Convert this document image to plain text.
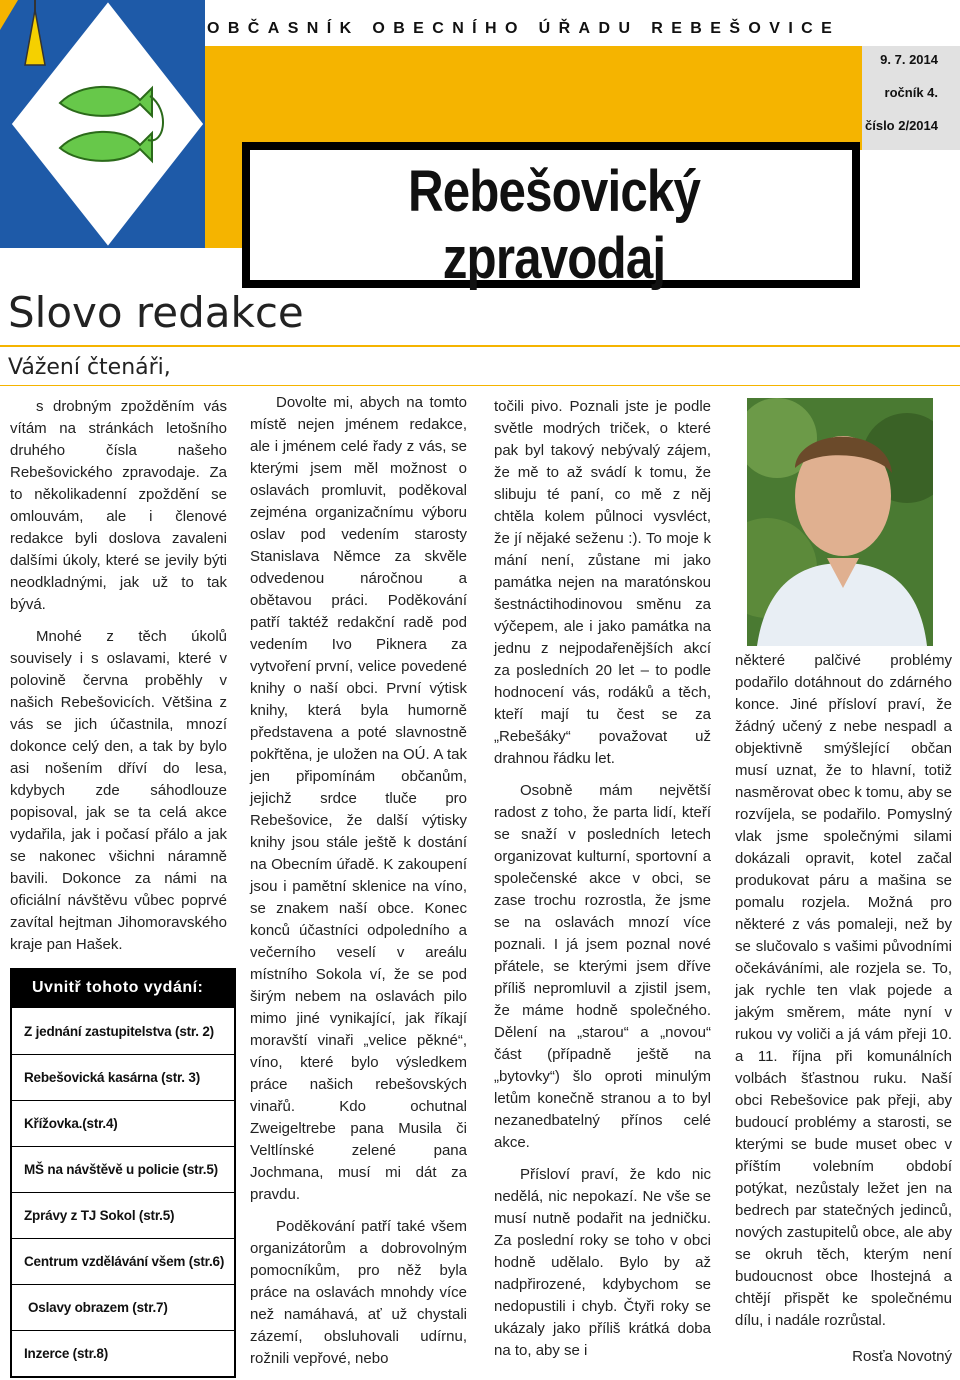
OBČASNÍK OBECNÍHO ÚŘADU REBEŠOVICE
9. 7. 2014
ročník 4.
číslo 2/2014
Rebešovický zpravodaj
Slovo redakce
Vážení čtenáři,

s drobným zpožděním vás vítám na stránkách letošního druhého čísla našeho Rebešovického zpravodaje. Za to několikadenní zpoždění se omlouvám, ale i členové redakce byli doslova zavaleni dalšími úkoly, které se jevily býti neodkladnými, jak už to tak bývá.

Mnohé z těch úkolů souvisely i s oslavami, které v polovině června proběhly v našich Rebešovicích. Většina z vás se jich účastnila, mnozí dokonce celý den, a tak by bylo asi nošením dříví do lesa, kdybych zde sáhodlouze popisoval, jak se ta celá akce vydařila, jak i počasí přálo a jak se nakonec všichni náramně bavili. Dokonce za námi na oficiální návštěvu vůbec poprvé zavítal hejtman Jihomoravského kraje pan Hašek.

Dovolte mi, abych na tomto místě nejen jménem redakce, ale i jménem celé řady z vás, se kterými jsem měl možnost o oslavách promluvit, poděkoval zejména organizačnímu výboru oslav pod vedením starosty Stanislava Němce za skvěle odvedenou náročnou a obětavou práci. Poděkování patří taktéž redakční radě pod vedením Ivo Piknera za vytvoření první, velice povedené knihy o naší obci. První výtisk knihy, která byla humorně představena a poté slavnostně pokřtěna, je uložen na OÚ. A tak jen připomínám občanům, jejichž srdce tluče pro Rebešovice, že další výtisky knihy jsou stále ještě k dostání na Obecním úřadě. K zakoupení jsou i pamětní sklenice na víno, se znakem naší obce. Konec konců účastníci odpoledního a večerního veselí v areálu místního Sokola ví, že se pod širým nebem na oslavách pilo mimo jiné vynikající, jak říkají moravští vinaři „velice pěkné“, víno, které bylo výsledkem práce našich rebešovských vinařů. Kdo ochutnal Zweigeltrebe pana Musila či Veltlínské zelené pana Jochmana, musí mi dát za pravdu.

Poděkování patří také všem organizátorům a dobrovolným pomocníkům, pro něž byla práce na oslavách mnohdy více než namáhavá, ať už chystali zázemí, obsluhovali udírnu, rožnili vepřové, nebo

točili pivo. Poznali jste je podle světle modrých triček, o které pak byl takový nebývalý zájem, že mě to až svádí k tomu, že slibuju té paní, co mě z něj chtěla kolem půlnoci vysvléct, že jí nějaké seženu :). To moje k mání není, zůstane mi jako památka nejen na maratónskou šestnáctihodinovou směnu za výčepem, ale i jako památka na jednu z nejpodařenějších akcí za posledních 20 let – to podle hodnocení vás, rodáků a těch, kteří mají tu čest se za „Rebešáky“ považovat už drahnou řádku let.

Osobně mám největší radost z toho, že parta lidí, kteří se snaží v posledních letech organizovat kulturní, sportovní a společenské akce v obci, se zase trochu rozrostla, že jsme se na oslavách mnozí více poznali. I já jsem poznal nové přátele, se kterými jsem dříve příliš nepromluvil a zjistil jsem, že máme hodně společného. Dělení na „starou“ a „novou“ část (případně ještě na „bytovky“) šlo oproti minulým letům konečně stranou a to byl nezanedbatelný přínos celé akce.

Přísloví praví, že kdo nic nedělá, nic nepokazí. Ne vše se musí nutně podařit na jedničku. Za poslední roky se toho v obci hodně udělalo. Bylo by až nadpřirozené, kdybychom se nedopustili i chyb. Čtyři roky se ukázaly jako příliš krátká doba na to, aby se i

některé palčivé problémy podařilo dotáhnout do zdárného konce. Jiné přísloví praví, že žádný učený z nebe nespadl a objektivně smýšlející občan musí uznat, že to hlavní, totiž nasměrovat obec k tomu, aby se rozvíjela, se podařilo. Pomyslný vlak jsme společnými silami dokázali opravit, kotel začal produkovat páru a mašina se pomalu rozjela. Možná pro některé z vás pomaleji, než by se slučovalo s vašimi původními očekáváními, ale rozjela se. To, jak rychle ten vlak pojede a jakým směrem, máte nyní v rukou vy voliči a já vám přeji 10. a 11. října při komunálních volbách šťastnou ruku. Naší obci Rebešovice pak přeji, aby budoucí problémy a starosti, se kterými se bude muset obec v příštím volebním období potýkat, nezůstaly ležet jen na bedrech par statečných jedinců, nových zastupitelů obce, ale aby se okruh těch, kterým není budoucnost obce lhostejná a chtějí přispět ke společnému dílu, i nadále rozrůstal.

Rosťa Novotný
Uvnitř tohoto vydání:
Z jednání zastupitelstva (str. 2)
Rebešovická kasárna (str. 3)
Křížovka.(str.4)
MŠ na návštěvě u policie (str.5)
Zprávy z TJ Sokol (str.5)
Centrum vzdělávání všem (str.6)
Oslavy obrazem (str.7)
Inzerce (str.8)
